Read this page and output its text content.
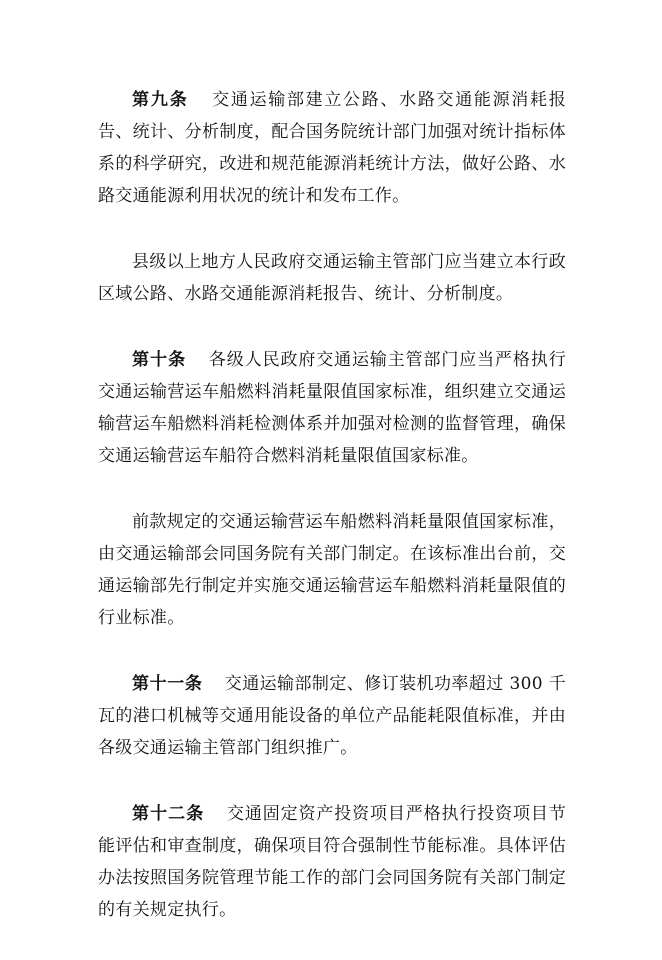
第九条 交通运输部建立公路、水路交通能源消耗报告、统计、分析制度，配合国务院统计部门加强对统计指标体系的科学研究，改进和规范能源消耗统计方法，做好公路、水路交通能源利用状况的统计和发布工作。

县级以上地方人民政府交通运输主管部门应当建立本行政区域公路、水路交通能源消耗报告、统计、分析制度。

第十条 各级人民政府交通运输主管部门应当严格执行交通运输营运车船燃料消耗量限值国家标准，组织建立交通运输营运车船燃料消耗检测体系并加强对检测的监督管理，确保交通运输营运车船符合燃料消耗量限值国家标准。

前款规定的交通运输营运车船燃料消耗量限值国家标准，由交通运输部会同国务院有关部门制定。在该标准出台前，交通运输部先行制定并实施交通运输营运车船燃料消耗量限值的行业标准。

第十一条 交通运输部制定、修订装机功率超过 300 千瓦的港口机械等交通用能设备的单位产品能耗限值标准，并由各级交通运输主管部门组织推广。

第十二条 交通固定资产投资项目严格执行投资项目节能评估和审查制度，确保项目符合强制性节能标准。具体评估办法按照国务院管理节能工作的部门会同国务院有关部门制定的有关规定执行。
